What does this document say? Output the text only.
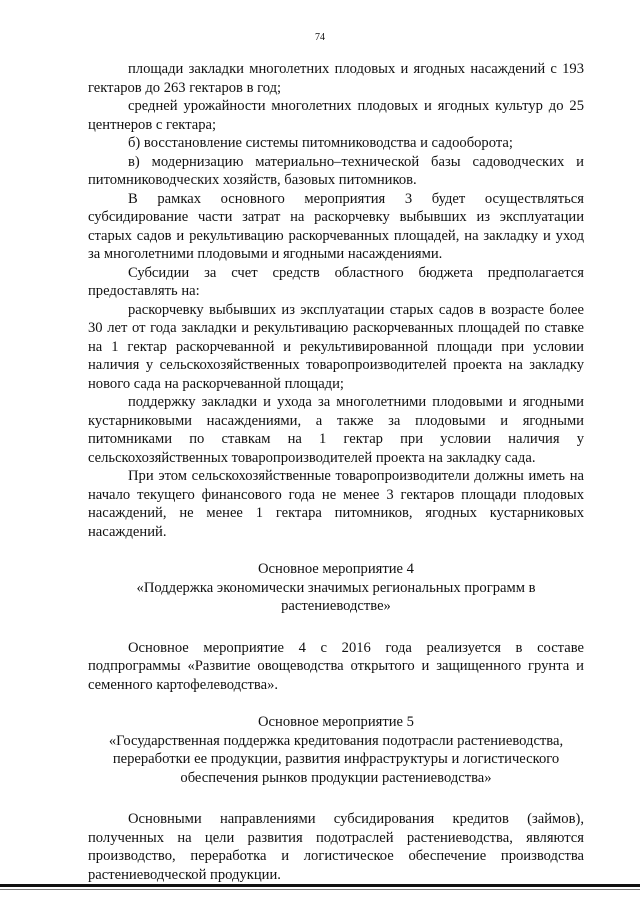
74

площади закладки многолетних плодовых и ягодных насаждений с 193 гектаров до 263 гектаров в год;

средней урожайности многолетних плодовых и ягодных культур до 25 центнеров с гектара;

б) восстановление системы питомниководства и садооборота;

в) модернизацию материально–технической базы садоводческих и питомниководческих хозяйств, базовых питомников.

В рамках основного мероприятия 3 будет осуществляться субсидирование части затрат на раскорчевку выбывших из эксплуатации старых садов и рекультивацию раскорчеванных площадей, на закладку и уход за многолетними плодовыми и ягодными насаждениями.

Субсидии за счет средств областного бюджета предполагается предоставлять на:

раскорчевку выбывших из эксплуатации старых садов в возрасте более 30 лет от года закладки и рекультивацию раскорчеванных площадей по ставке на 1 гектар раскорчеванной и рекультивированной площади при условии наличия у сельскохозяйственных товаропроизводителей проекта на закладку нового сада на раскорчеванной площади;

поддержку закладки и ухода за многолетними плодовыми и ягодными кустарниковыми насаждениями, а также за плодовыми и ягодными питомниками по ставкам на 1 гектар при условии наличия у сельскохозяйственных товаропроизводителей проекта на закладку сада.

При этом сельскохозяйственные товаропроизводители должны иметь на начало текущего финансового года не менее 3 гектаров площади плодовых насаждений, не менее 1 гектара питомников, ягодных кустарниковых насаждений.

Основное мероприятие 4

«Поддержка экономически значимых региональных программ в растениеводстве»

Основное мероприятие 4 с 2016 года реализуется в составе подпрограммы «Развитие овощеводства открытого и защищенного грунта и семенного картофелеводства».

Основное мероприятие 5

«Государственная поддержка кредитования подотрасли растениеводства, переработки ее продукции, развития инфраструктуры и логистического обеспечения рынков продукции растениеводства»

Основными направлениями субсидирования кредитов (займов), полученных на цели развития подотраслей растениеводства, являются производство, переработка и логистическое обеспечение производства растениеводческой продукции.
